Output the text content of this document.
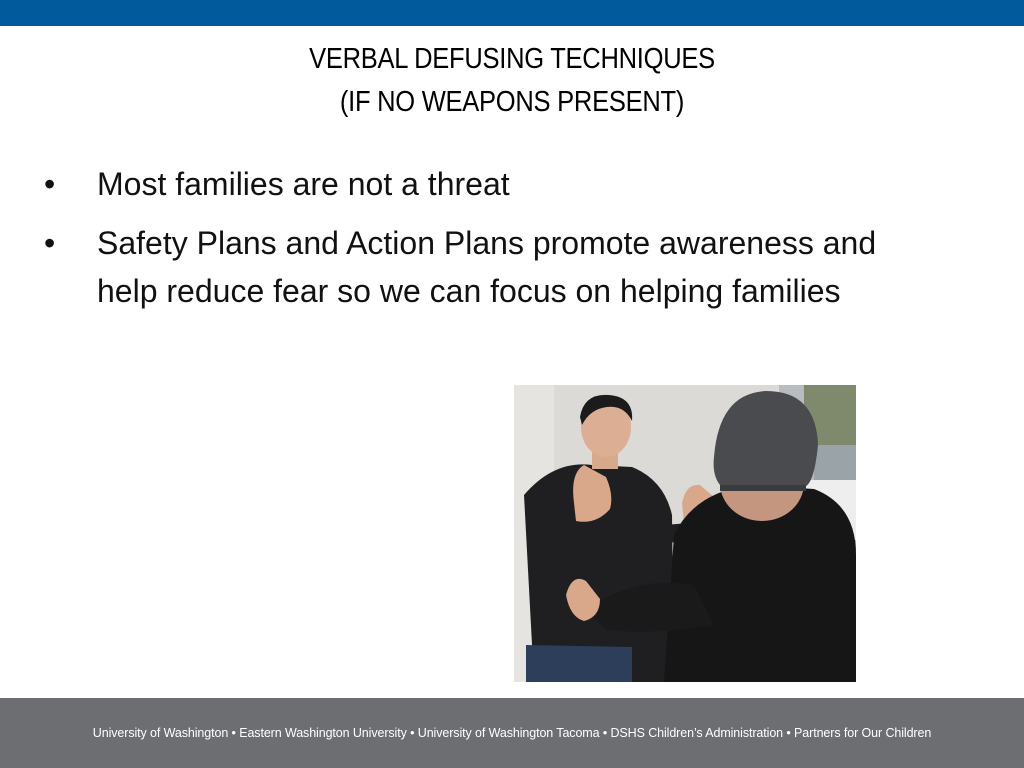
VERBAL DEFUSING TECHNIQUES
(IF NO WEAPONS PRESENT)
• Most families are not a threat
• Safety Plans and Action Plans promote awareness and help reduce fear so we can focus on helping families
University of Washington • Eastern Washington University • University of Washington Tacoma • DSHS Children’s Administration • Partners for Our Children
